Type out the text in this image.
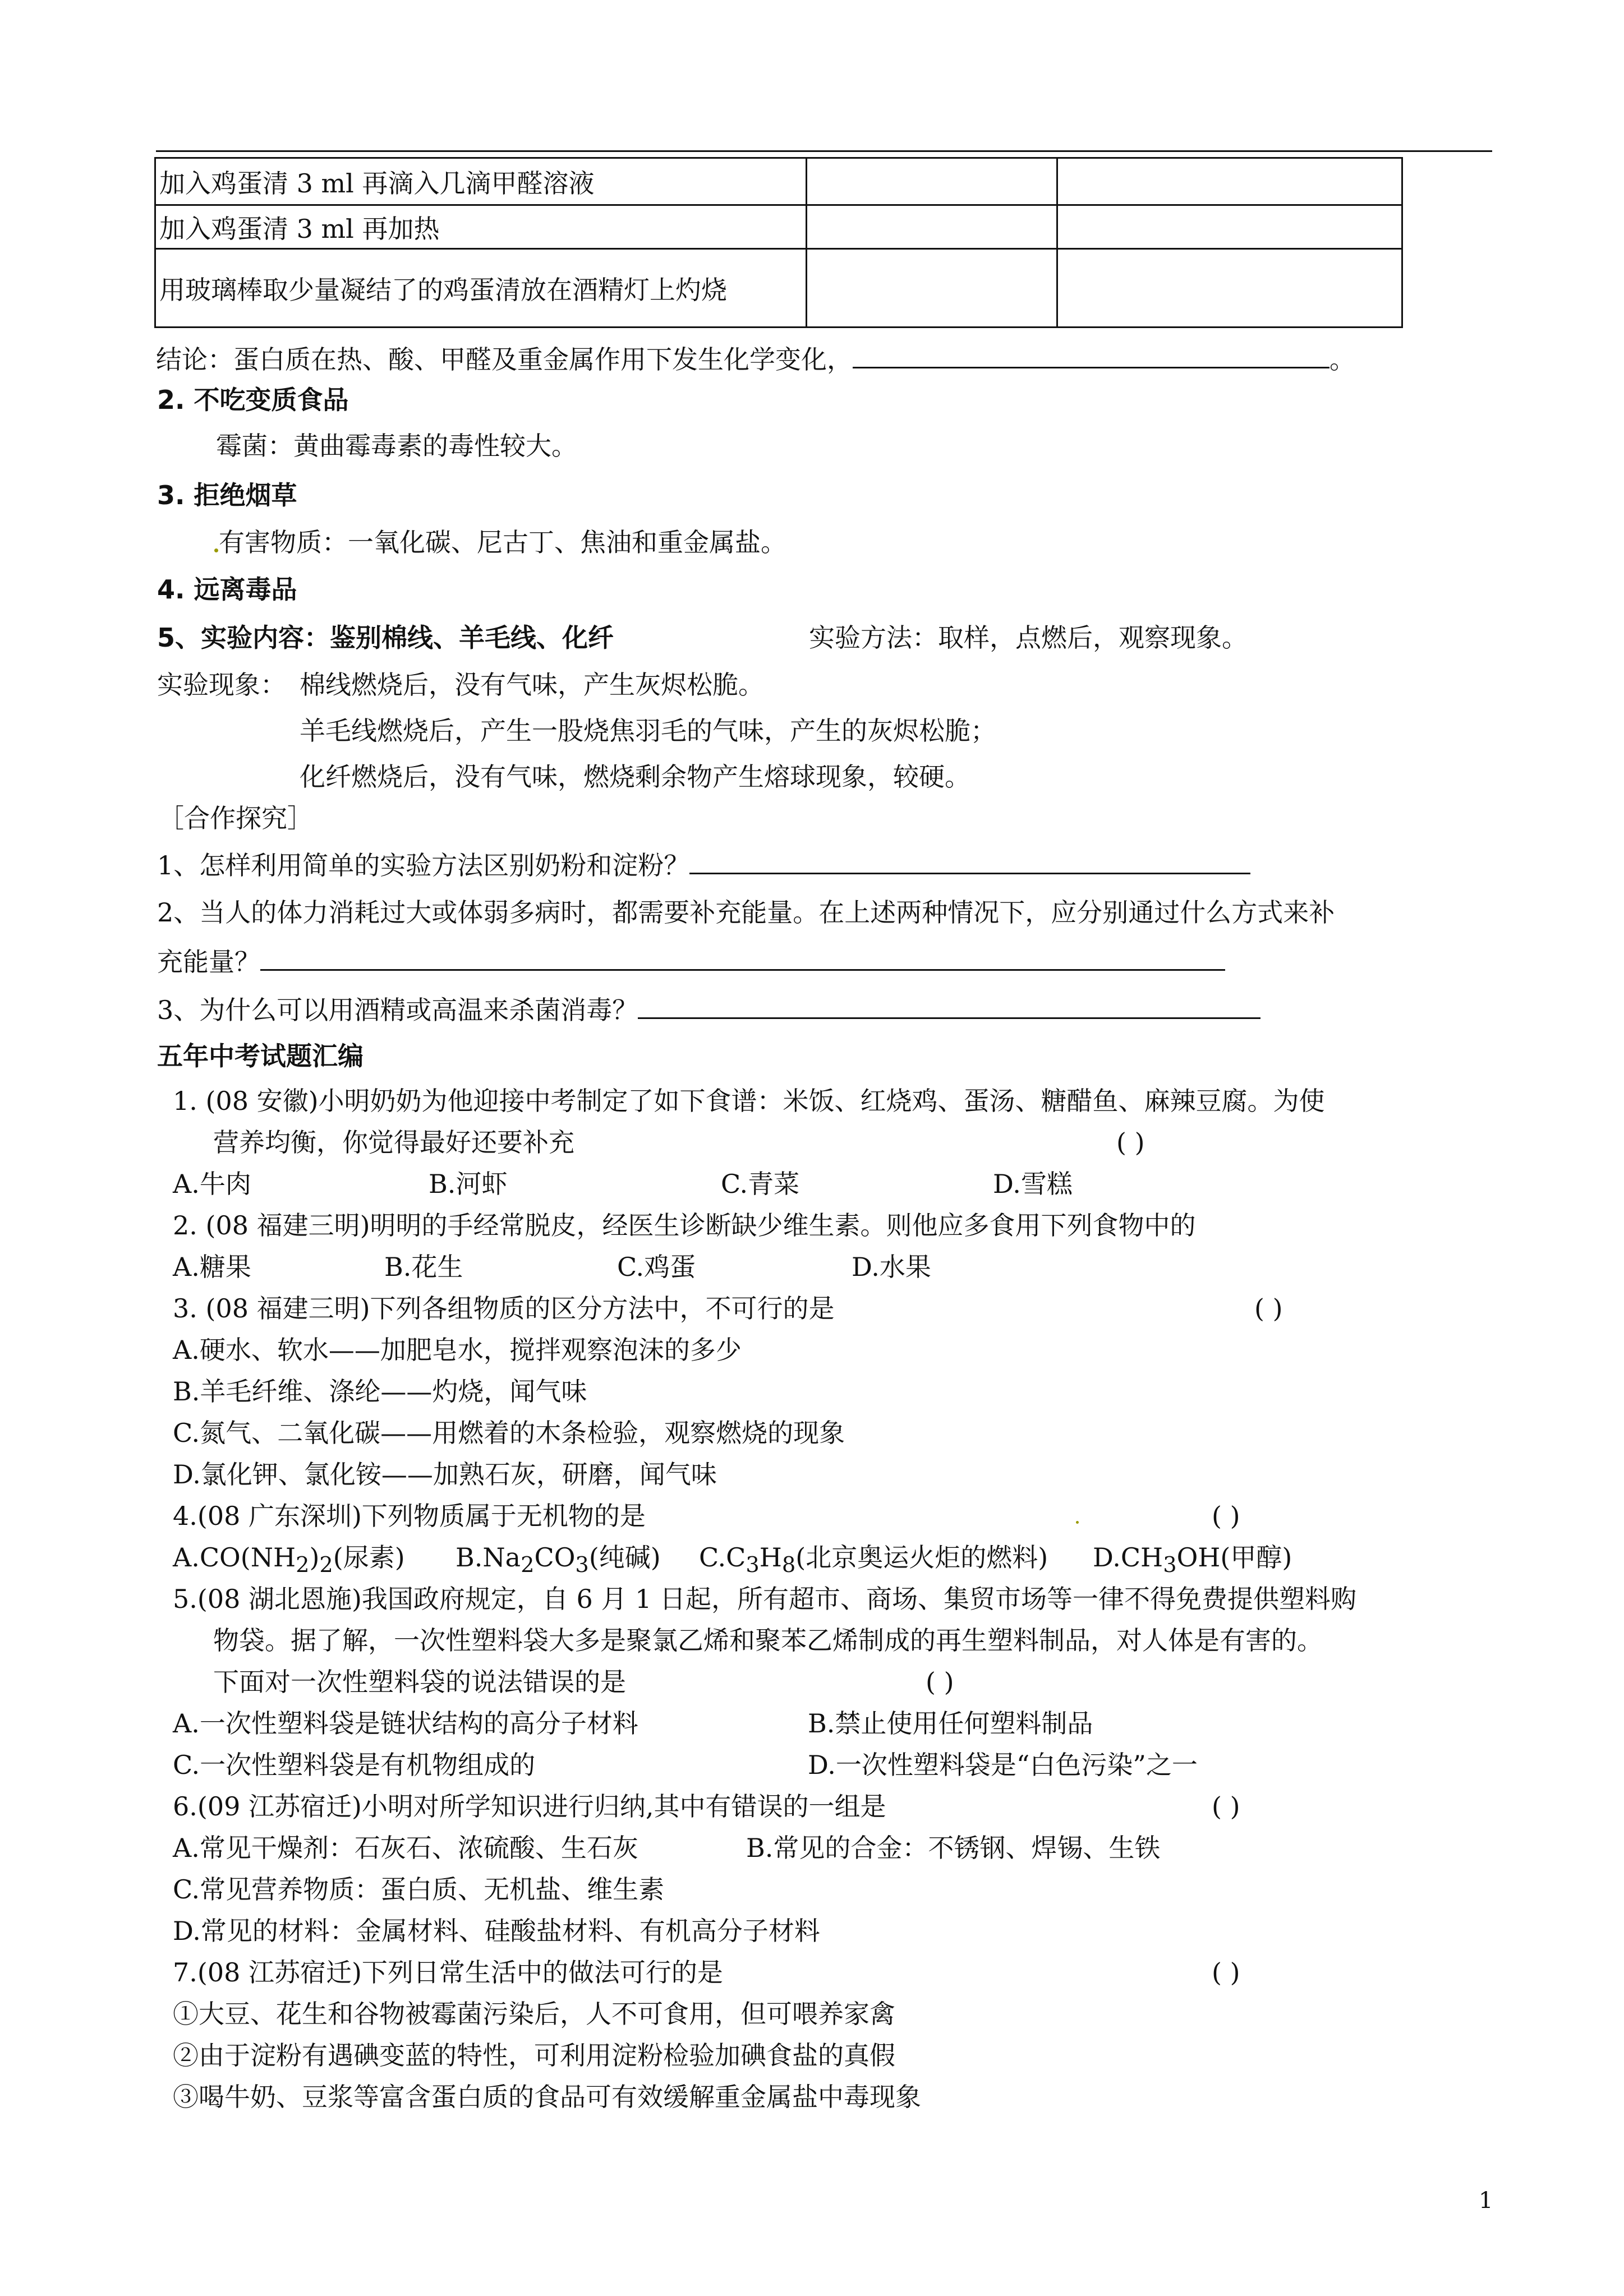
加入鸡蛋清 3 ml 再滴入几滴甲醛溶液		
加入鸡蛋清 3 ml 再加热		
用玻璃棒取少量凝结了的鸡蛋清放在酒精灯上灼烧		
结论：蛋白质在热、酸、甲醛及重金属作用下发生化学变化，	。
2. 不吃变质食品
霉菌：黄曲霉毒素的毒性较大。
3. 拒绝烟草
有害物质：一氧化碳、尼古丁、焦油和重金属盐。
4. 远离毒品
5、实验内容：鉴别棉线、羊毛线、化纤	实验方法：取样，点燃后，观察现象。
实验现象： 棉线燃烧后，没有气味，产生灰烬松脆。
羊毛线燃烧后，产生一股烧焦羽毛的气味，产生的灰烬松脆；
化纤燃烧后，没有气味，燃烧剩余物产生熔球现象，较硬。
［合作探究］
1、怎样利用简单的实验方法区别奶粉和淀粉？
2、当人的体力消耗过大或体弱多病时，都需要补充能量。在上述两种情况下，应分别通过什么方式来补
充能量？
3、为什么可以用酒精或高温来杀菌消毒？
五年中考试题汇编
1. (08 安徽)小明奶奶为他迎接中考制定了如下食谱：米饭、红烧鸡、蛋汤、糖醋鱼、麻辣豆腐。为使
营养均衡，你觉得最好还要补充	( )
A.牛肉	B.河虾	C.青菜	D.雪糕
2. (08 福建三明)明明的手经常脱皮，经医生诊断缺少维生素。则他应多食用下列食物中的
A.糖果	B.花生	C.鸡蛋	D.水果
3. (08 福建三明)下列各组物质的区分方法中，不可行的是	( )
A.硬水、软水——加肥皂水，搅拌观察泡沫的多少
B.羊毛纤维、涤纶——灼烧，闻气味
C.氮气、二氧化碳——用燃着的木条检验，观察燃烧的现象
D.氯化钾、氯化铵——加熟石灰，研磨，闻气味
4.(08 广东深圳)下列物质属于无机物的是	( )
$A.CO(NH_2)_2$(尿素) $B.Na_2CO_3$(纯碱) $C.C_3H_8$(北京奥运火炬的燃料) $D.CH_3OH$(甲醇)
5.(08 湖北恩施)我国政府规定，自 6 月 1 日起，所有超市、商场、集贸市场等一律不得免费提供塑料购
物袋。据了解，一次性塑料袋大多是聚氯乙烯和聚苯乙烯制成的再生塑料制品，对人体是有害的。
下面对一次性塑料袋的说法错误的是	( )
A.一次性塑料袋是链状结构的高分子材料	B.禁止使用任何塑料制品
C.一次性塑料袋是有机物组成的	D.一次性塑料袋是“白色污染”之一
6.(09 江苏宿迁)小明对所学知识进行归纳,其中有错误的一组是	( )
A.常见干燥剂：石灰石、浓硫酸、生石灰	B.常见的合金：不锈钢、焊锡、生铁
C.常见营养物质：蛋白质、无机盐、维生素
D.常见的材料：金属材料、硅酸盐材料、有机高分子材料
7.(08 江苏宿迁)下列日常生活中的做法可行的是	( )
①大豆、花生和谷物被霉菌污染后，人不可食用，但可喂养家禽
②由于淀粉有遇碘变蓝的特性，可利用淀粉检验加碘食盐的真假
③喝牛奶、豆浆等富含蛋白质的食品可有效缓解重金属盐中毒现象
1
